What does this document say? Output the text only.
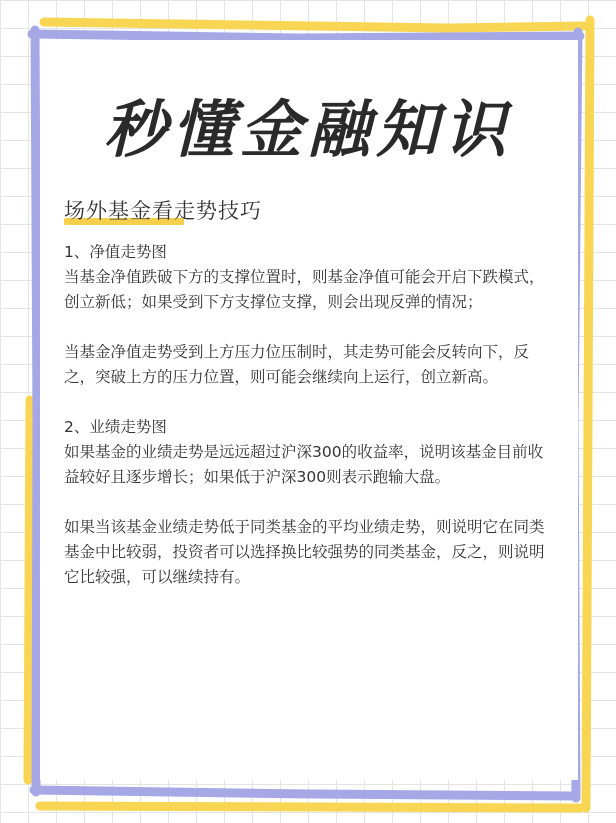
秒懂金融知识
场外基金看走势技巧

1、净值走势图

当基金净值跌破下方的支撑位置时，则基金净值可能会开启下跌模式，创立新低；如果受到下方支撑位支撑，则会出现反弹的情况；

当基金净值走势受到上方压力位压制时，其走势可能会反转向下，反之，突破上方的压力位置，则可能会继续向上运行，创立新高。

2、业绩走势图

如果基金的业绩走势是远远超过沪深300的收益率，说明该基金目前收益较好且逐步增长；如果低于沪深300则表示跑输大盘。

如果当该基金业绩走势低于同类基金的平均业绩走势，则说明它在同类基金中比较弱，投资者可以选择换比较强势的同类基金，反之，则说明它比较强，可以继续持有。
